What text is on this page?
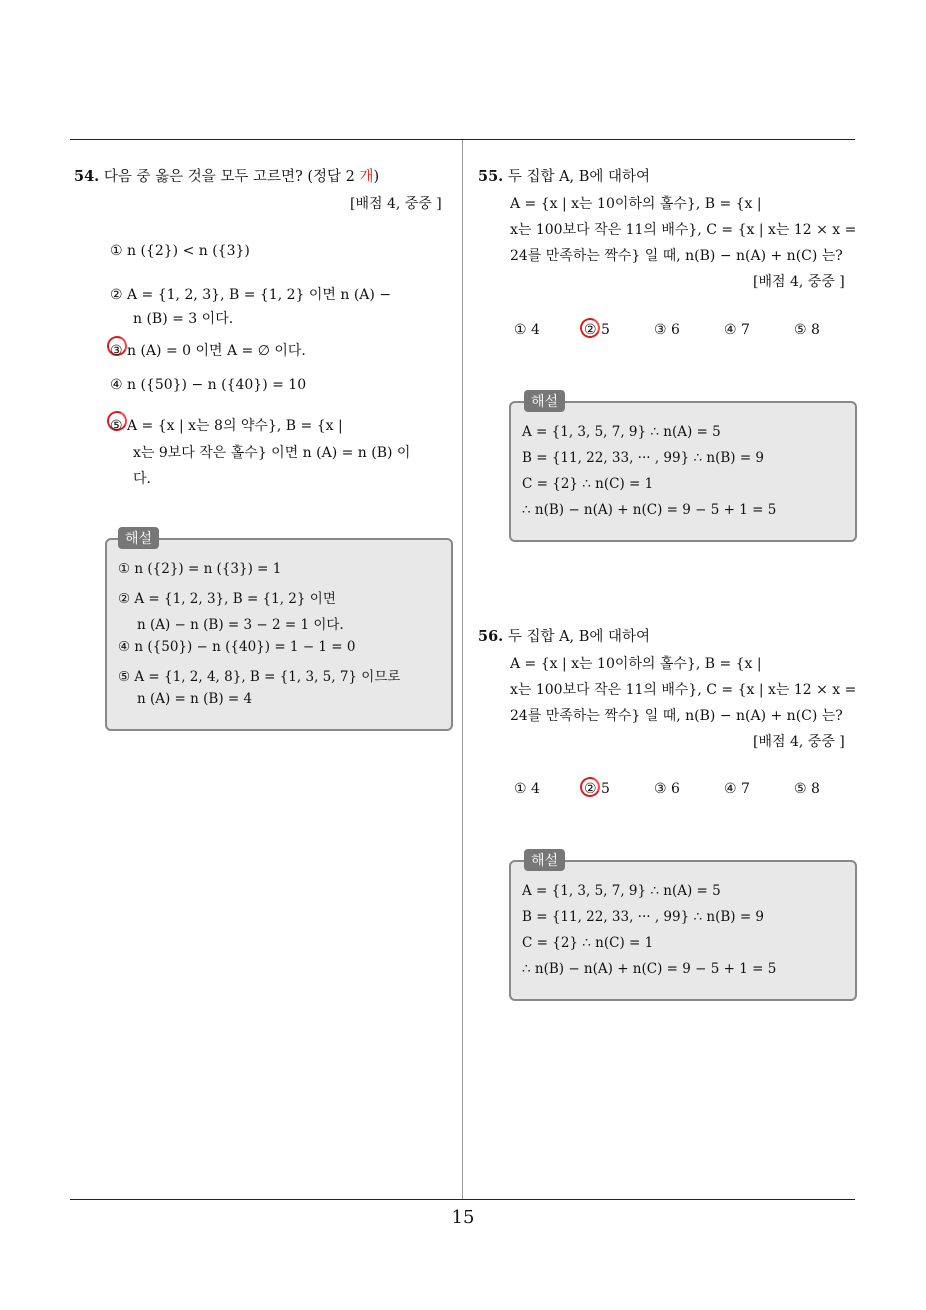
54. 다음 중 옳은 것을 모두 고르면? (정답 2 개)
[배점 4, 중중 ]
① n ({2}) < n ({3})
② A = {1, 2, 3}, B = {1, 2} 이면 n (A) −
n (B) = 3 이다.
③ n (A) = 0 이면 A = ∅ 이다.
④ n ({50}) − n ({40}) = 10
⑤ A = {x | x는 8의 약수}, B = {x |
x는 9보다 작은 홀수} 이면 n (A) = n (B) 이
다.
해설
① n ({2}) = n ({3}) = 1
② A = {1, 2, 3}, B = {1, 2} 이면
n (A) − n (B) = 3 − 2 = 1 이다.
④ n ({50}) − n ({40}) = 1 − 1 = 0
⑤ A = {1, 2, 4, 8}, B = {1, 3, 5, 7} 이므로
n (A) = n (B) = 4
55. 두 집합 A, B에 대하여
A = {x | x는 10이하의 홀수}, B = {x |
x는 100보다 작은 11의 배수}, C = {x | x는 12 × x =
24를 만족하는 짝수} 일 때, n(B) − n(A) + n(C) 는?
[배점 4, 중중 ]
① 4	② 5	③ 6	④ 7	⑤ 8
해설
A = {1, 3, 5, 7, 9} ∴ n(A) = 5
B = {11, 22, 33, ··· , 99} ∴ n(B) = 9
C = {2} ∴ n(C) = 1
∴ n(B) − n(A) + n(C) = 9 − 5 + 1 = 5
56. 두 집합 A, B에 대하여
A = {x | x는 10이하의 홀수}, B = {x |
x는 100보다 작은 11의 배수}, C = {x | x는 12 × x =
24를 만족하는 짝수} 일 때, n(B) − n(A) + n(C) 는?
[배점 4, 중중 ]
① 4	② 5	③ 6	④ 7	⑤ 8
해설
A = {1, 3, 5, 7, 9} ∴ n(A) = 5
B = {11, 22, 33, ··· , 99} ∴ n(B) = 9
C = {2} ∴ n(C) = 1
∴ n(B) − n(A) + n(C) = 9 − 5 + 1 = 5
15
